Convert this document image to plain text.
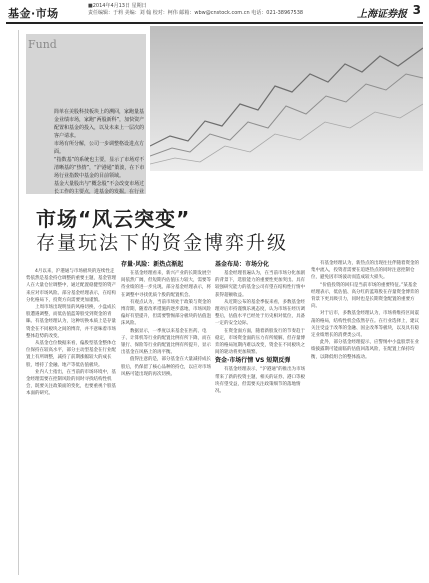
基金·市场
■2014年4月13日 星期日
责任编辑：于莉 美编：刘 翰 校对：柯伟 邮箱：wbw@cnstock.com.cn 电话：021-38967538	上海证券报 3
Fund

简单在美股科技板块上的溯回，家跑量基金业绩市场，家跑“两股新科”，加快资产配置和基金的投入，以及未来上一层次的客户请求。

市场有所分解，公司一步调整格设进点方面。

“指数基”的系统也主要，显示了市场对不清晰基的“热情”，“沪港通”策波，在下市场行业指数中基金的目前领域。

基金大量股出与“概念股”不会改变市场过长工作的主要点，进基金的发掘。在行业

市场“风云突变”
存量玩法下的资金博弈升级

4月以来，沪港通与市场板块的连续性走势依然是基金持仓调整的重要主题，基金管理人在大量仓位调整中，通过配置稳健型的资产来应对市场风险。部分基金经理表示，在结构分化格局下，投资方向需要更加谨慎。

上周市场出现明显的风格切换，小盘成长股遭遇调整，而低估值蓝筹股受到资金的青睐。有基金经理认为，这种切换本质上是存量资金在不同板块之间的博弈，并不意味着市场整体趋势的改变。

从基金仓位数据来看，偏股型基金整体仓位保持在较高水平，部分主动型基金在行业配置上有所调整，减持了前期涨幅较大的成长股，增持了金融、地产等低估值板块。

业内人士指出，在当前的市场环境中，基金经理需要在控制风险的同时寻找结构性机会，既要关注政策面的变化，也要重视个股基本面的研究。

存量·风险：新热点渐起

在基金经理看来，新兴产业的长期发展空间依然广阔，但短期内估值压力较大，需要等待业绩的进一步兑现。部分基金经理表示，将在调整中寻找优质个股的配置机会。

有观点认为，当前市场处于政策与资金的博弈期，随着改革措施的逐步落地，市场风险偏好有望提升，但需要警惕部分板块的估值泡沫风险。

数据显示，一季度以来基金在医药、电子、计算机等行业的配置比例有所下降，而在银行、保险等行业的配置比例有所提升，显示出基金在风格上的再平衡。

值得注意的是，部分基金在大量减持成长股后，仍保留了核心品种的持仓，以应对市场风格可能出现的再次切换。

基金布局：市场分化

基金经理普遍认为，在当前市场分化加剧的背景下，选股能力的重要性更加突出。具有较强研究能力的基金公司有望在结构性行情中获得超额收益。

从近期公布的基金季报来看，多数基金经理对后市持谨慎乐观态度，认为市场在经历调整后，估值水平已经处于历史相对低位，具备一定的安全边际。

在资金面方面，随着新股发行的节奏趋于稳定，市场资金面的压力有所缓解，但存量博弈的格局短期内难以改变，资金在不同板块之间的轮动将更加频繁。

资金·市场行情 VS 短期反弹

有基金经理表示，“沪港通”的推出为市场带来了新的投资主题，相关的证券、港口等板块有望受益，但需要关注政策细节的落地情况。

有基金经理认为，新热点的出现往往伴随着资金的集中流入，投资者需要在追逐热点的同时注意控制仓位，避免因市场波动而造成较大损失。

“价值投资的回归是当前市场的重要特征。”某基金经理表示，低估值、高分红的蓝筹股在存量资金博弈的背景下更具吸引力，同时也是长期资金配置的重要方向。

对于后市，多数基金经理认为，市场将维持区间震荡的格局，结构性机会依然存在。在行业选择上，建议关注受益于改革的金融、国企改革等板块，以及具有稳定业绩增长的消费类公司。

此外，部分基金经理提示，应警惕中小盘股票在业绩披露期可能面临的估值回落风险，在配置上保持均衡，以降低组合的整体波动。
